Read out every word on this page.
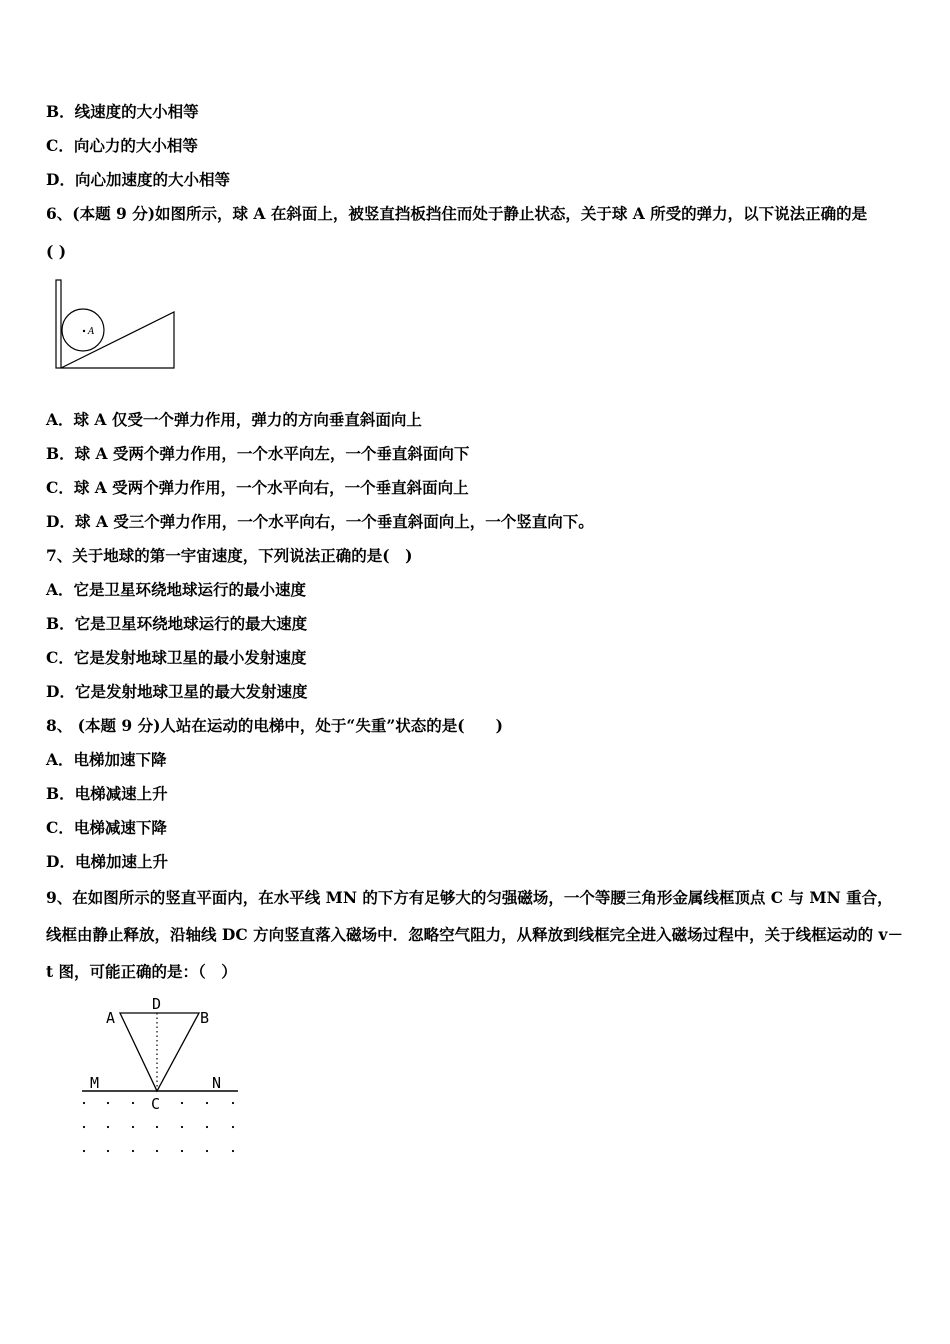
B．线速度的大小相等
C．向心力的大小相等
D．向心加速度的大小相等
6、(本题 9 分)如图所示，球 A 在斜面上，被竖直挡板挡住而处于静止状态，关于球 A 所受的弹力，以下说法正确的是
( )
A
A．球 A 仅受一个弹力作用，弹力的方向垂直斜面向上
B．球 A 受两个弹力作用，一个水平向左，一个垂直斜面向下
C．球 A 受两个弹力作用，一个水平向右，一个垂直斜面向上
D．球 A 受三个弹力作用，一个水平向右，一个垂直斜面向上，一个竖直向下。
7、关于地球的第一宇宙速度，下列说法正确的是(　)
A．它是卫星环绕地球运行的最小速度
B．它是卫星环绕地球运行的最大速度
C．它是发射地球卫星的最小发射速度
D．它是发射地球卫星的最大发射速度
8、 (本题 9 分)人站在运动的电梯中，处于“失重”状态的是(　　)
A．电梯加速下降
B．电梯减速上升
C．电梯减速下降
D．电梯加速上升
9、在如图所示的竖直平面内，在水平线 MN 的下方有足够大的匀强磁场，一个等腰三角形金属线框顶点 C 与 MN 重合，线框由静止释放，沿轴线 DC 方向竖直落入磁场中．忽略空气阻力，从释放到线框完全进入磁场过程中，关于线框运动的 v－t 图，可能正确的是：（　）
D
A	B
M	N
C
